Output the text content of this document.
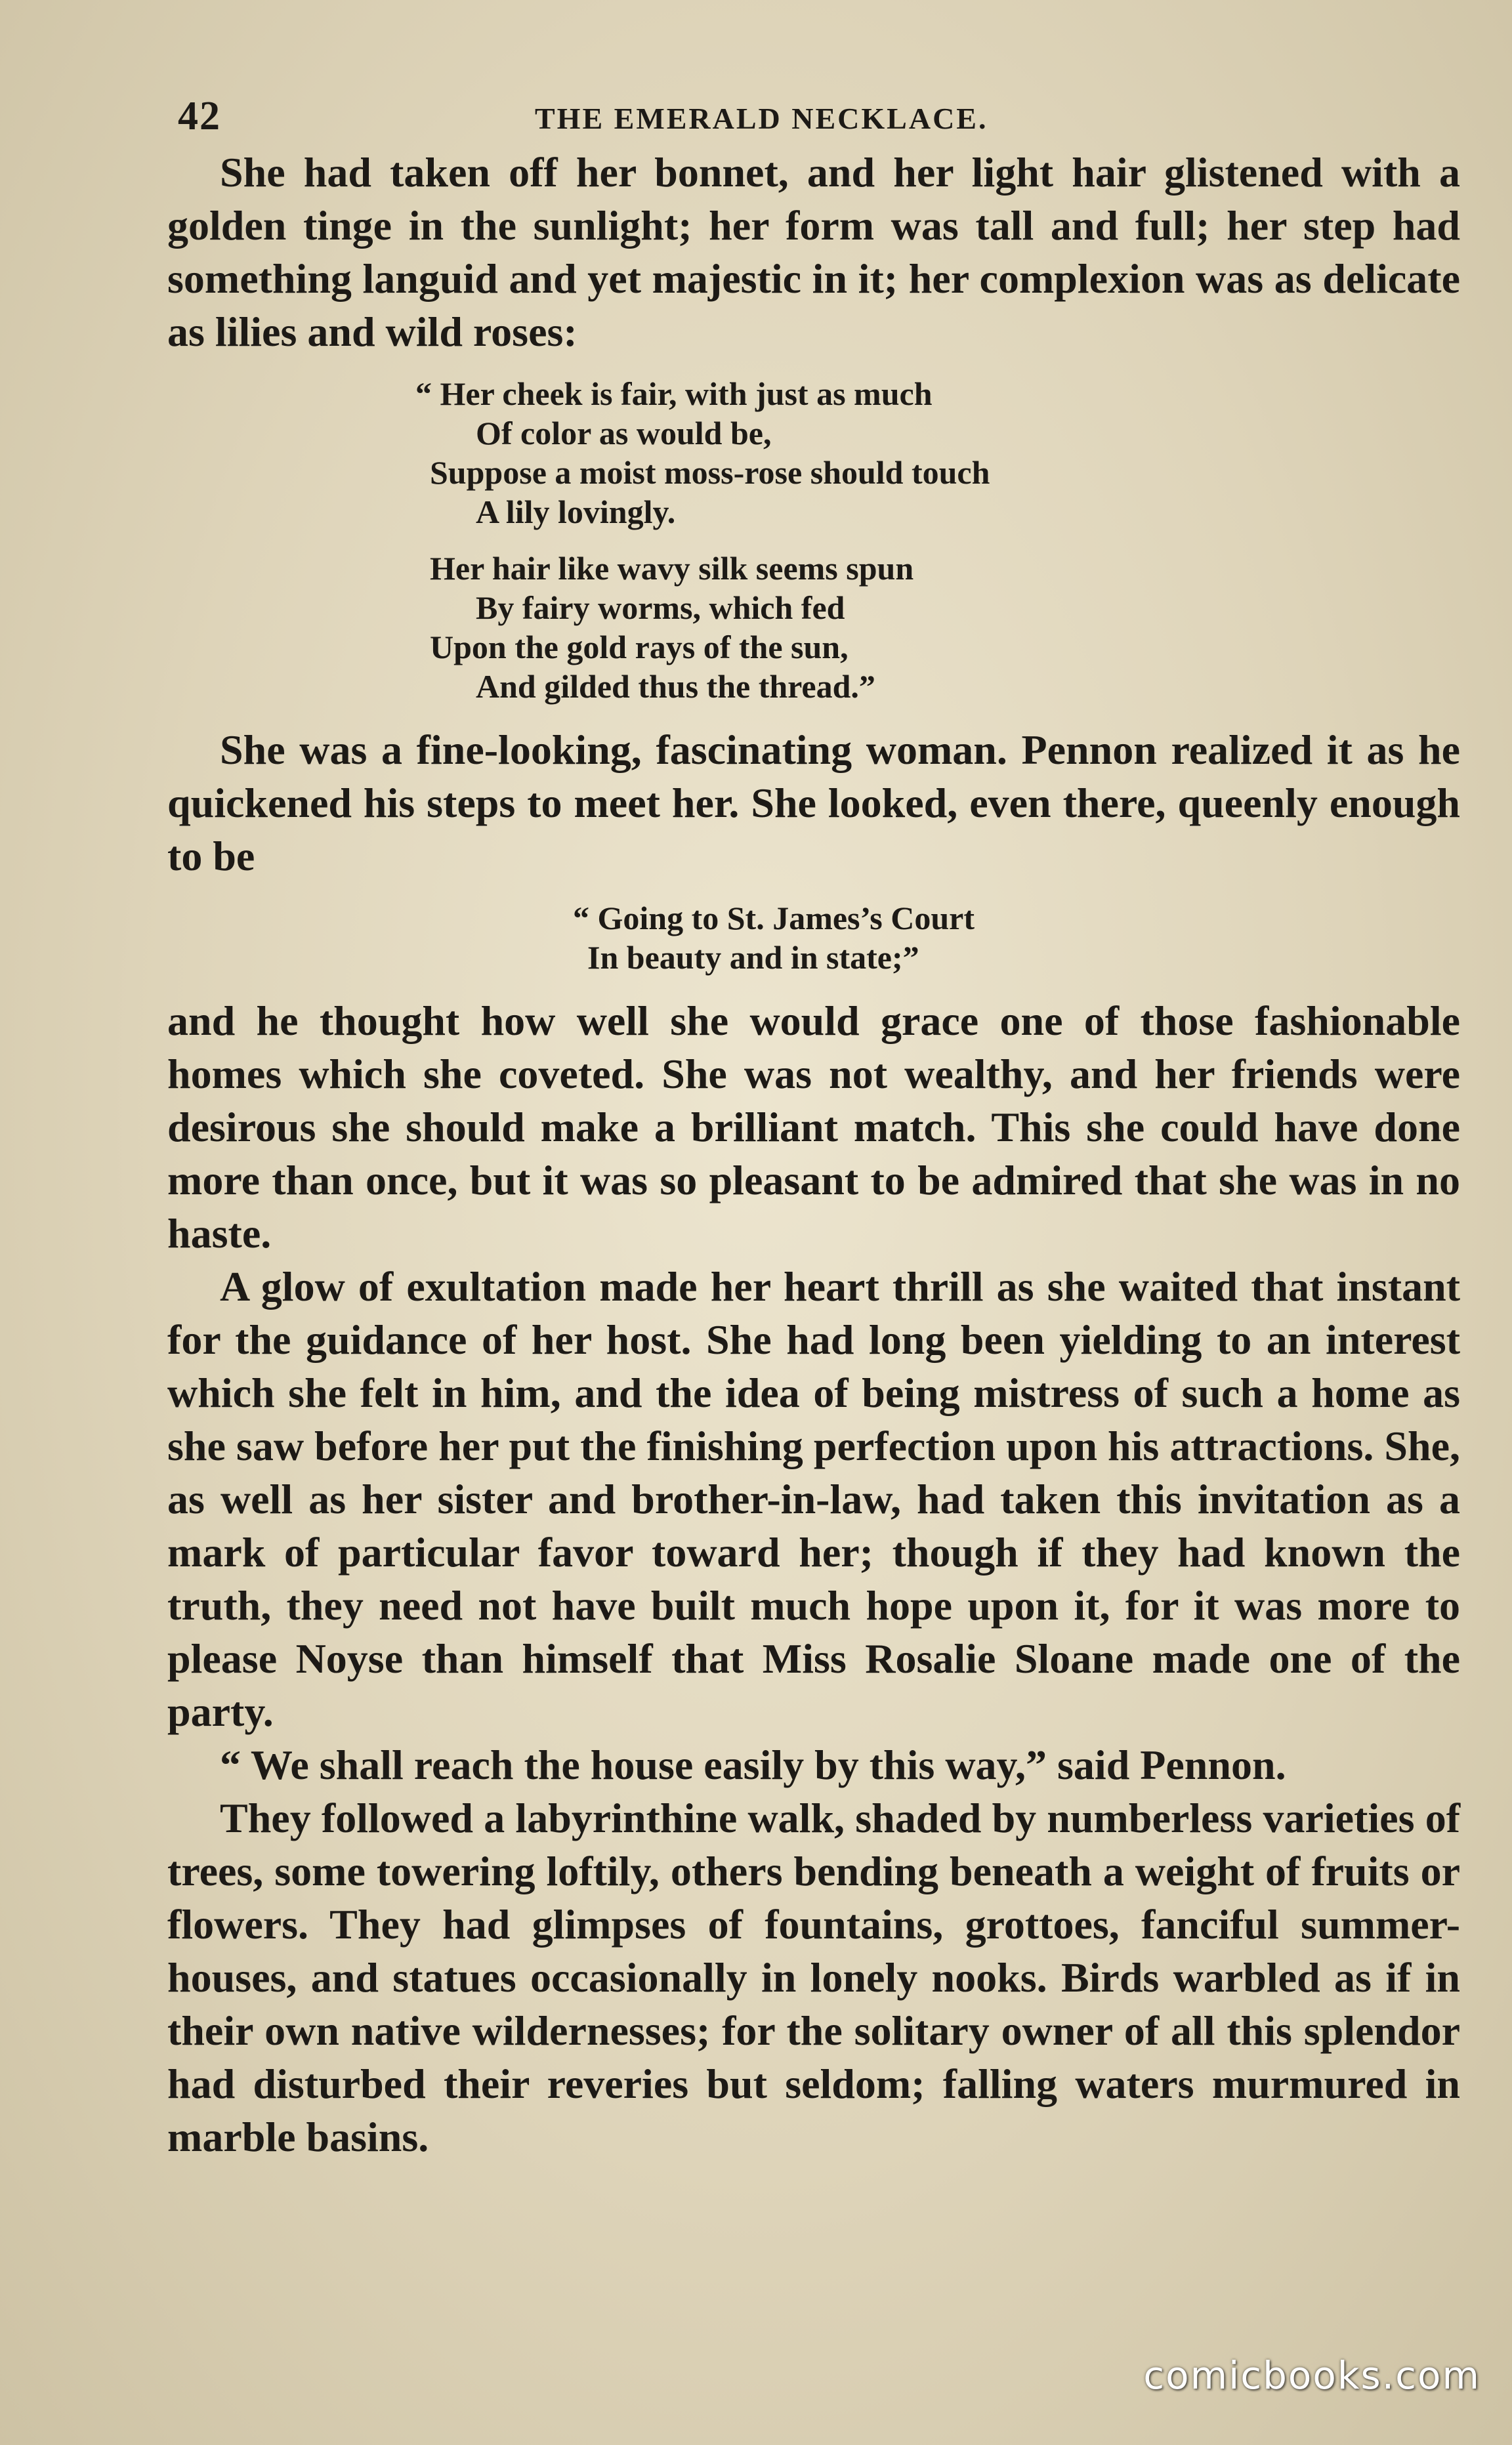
42	THE EMERALD NECKLACE.

She had taken off her bonnet, and her light hair glistened with a golden tinge in the sunlight; her form was tall and full; her step had something languid and yet majestic in it; her complexion was as delicate as lilies and wild roses:

“ Her cheek is fair, with just as much
Of color as would be,
Suppose a moist moss-rose should touch
A lily lovingly.
Her hair like wavy silk seems spun
By fairy worms, which fed
Upon the gold rays of the sun,
And gilded thus the thread.”

She was a fine-looking, fascinating woman. Pennon realized it as he quickened his steps to meet her. She looked, even there, queenly enough to be

“ Going to St. James’s Court
In beauty and in state;”

and he thought how well she would grace one of those fashionable homes which she coveted. She was not wealthy, and her friends were desirous she should make a brilliant match. This she could have done more than once, but it was so pleasant to be admired that she was in no haste.

A glow of exultation made her heart thrill as she waited that instant for the guidance of her host. She had long been yielding to an interest which she felt in him, and the idea of being mistress of such a home as she saw before her put the finishing perfection upon his attractions. She, as well as her sister and brother-in-law, had taken this invitation as a mark of particular favor toward her; though if they had known the truth, they need not have built much hope upon it, for it was more to please Noyse than himself that Miss Rosalie Sloane made one of the party.

“ We shall reach the house easily by this way,” said Pennon.

They followed a labyrinthine walk, shaded by numberless varieties of trees, some towering loftily, others bending beneath a weight of fruits or flowers. They had glimpses of fountains, grottoes, fanciful summer-houses, and statues occasionally in lonely nooks. Birds warbled as if in their own native wildernesses; for the solitary owner of all this splendor had disturbed their reveries but seldom; falling waters murmured in marble basins.

comicbooks.com
